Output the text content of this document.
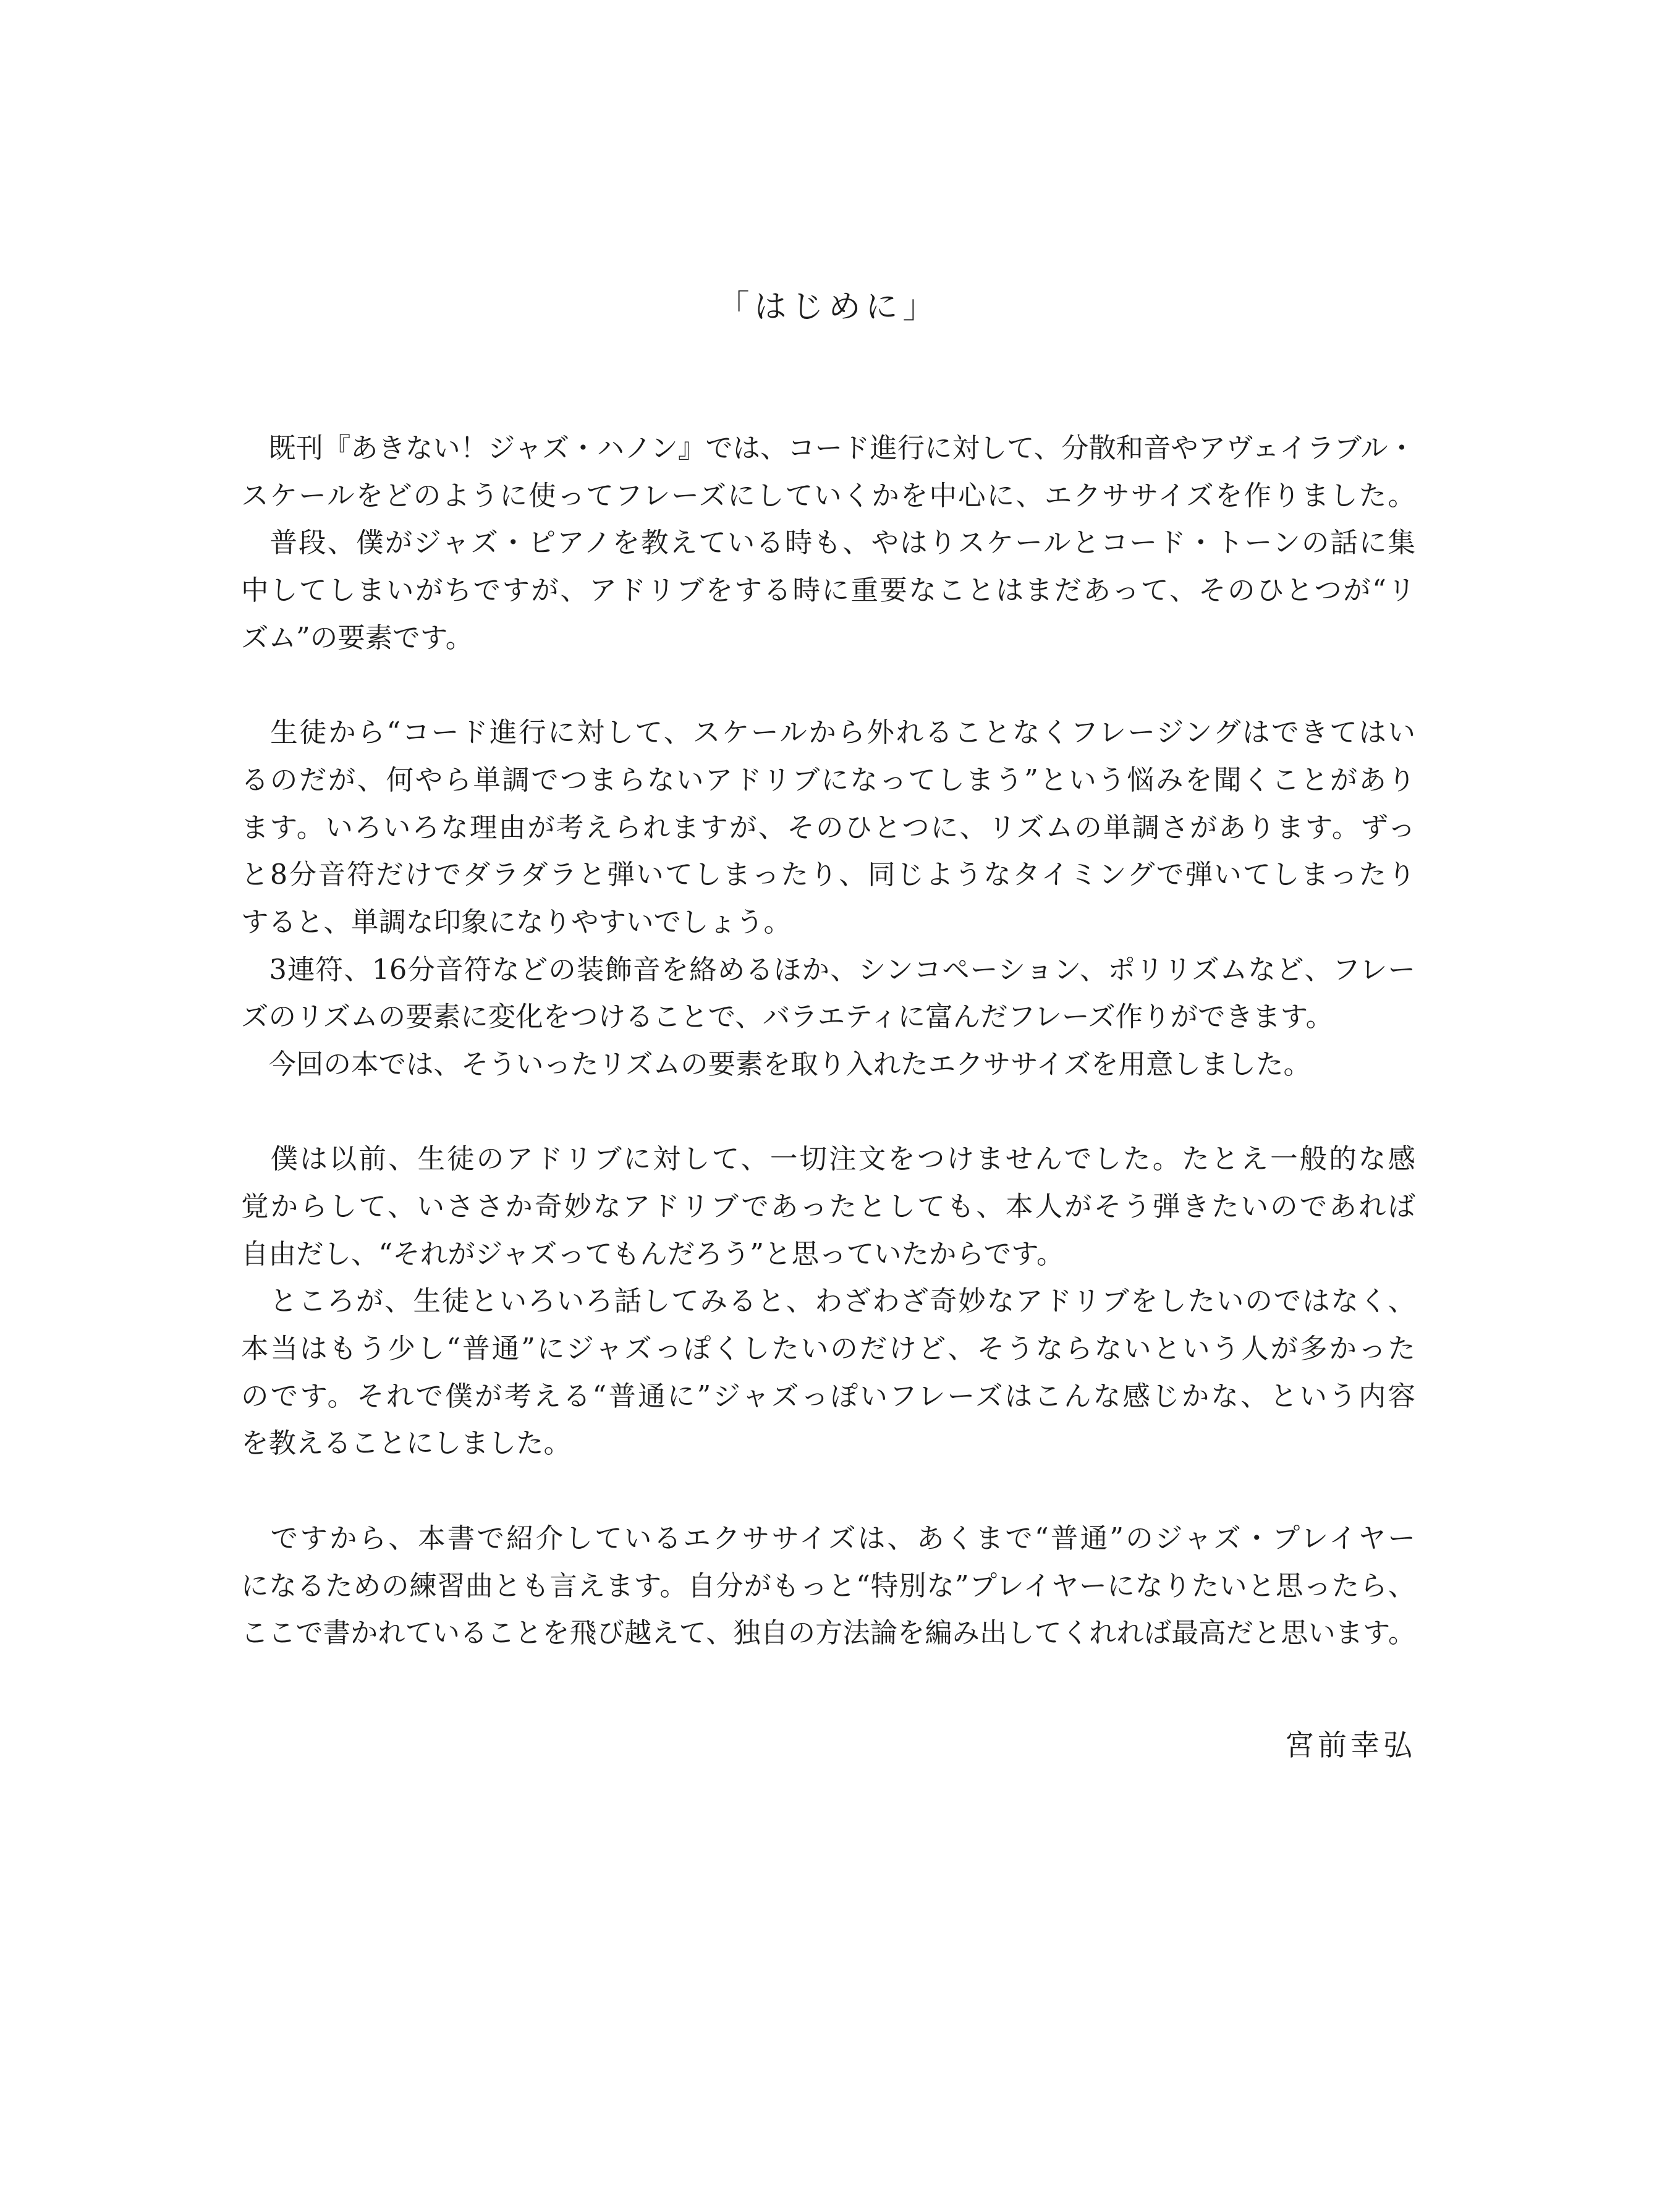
「はじめに」
　既刊『あきない！ジャズ・ハノン』では、コード進行に対して、分散和音やアヴェイラブル・
スケールをどのように使ってフレーズにしていくかを中心に、エクササイズを作りました。
　普段、僕がジャズ・ピアノを教えている時も、やはりスケールとコード・トーンの話に集
中してしまいがちですが、アドリブをする時に重要なことはまだあって、そのひとつが“リ
ズム”の要素です。
　生徒から“コード進行に対して、スケールから外れることなくフレージングはできてはい
るのだが、何やら単調でつまらないアドリブになってしまう”という悩みを聞くことがあり
ます。いろいろな理由が考えられますが、そのひとつに、リズムの単調さがあります。ずっ
と8分音符だけでダラダラと弾いてしまったり、同じようなタイミングで弾いてしまったり
すると、単調な印象になりやすいでしょう。
　3連符、16分音符などの装飾音を絡めるほか、シンコペーション、ポリリズムなど、フレー
ズのリズムの要素に変化をつけることで、バラエティに富んだフレーズ作りができます。
　今回の本では、そういったリズムの要素を取り入れたエクササイズを用意しました。
　僕は以前、生徒のアドリブに対して、一切注文をつけませんでした。たとえ一般的な感
覚からして、いささか奇妙なアドリブであったとしても、本人がそう弾きたいのであれば
自由だし、“それがジャズってもんだろう”と思っていたからです。
　ところが、生徒といろいろ話してみると、わざわざ奇妙なアドリブをしたいのではなく、
本当はもう少し“普通”にジャズっぽくしたいのだけど、そうならないという人が多かった
のです。それで僕が考える“普通に”ジャズっぽいフレーズはこんな感じかな、という内容
を教えることにしました。
　ですから、本書で紹介しているエクササイズは、あくまで“普通”のジャズ・プレイヤー
になるための練習曲とも言えます。自分がもっと“特別な”プレイヤーになりたいと思ったら、
ここで書かれていることを飛び越えて、独自の方法論を編み出してくれれば最高だと思います。
宮前幸弘
